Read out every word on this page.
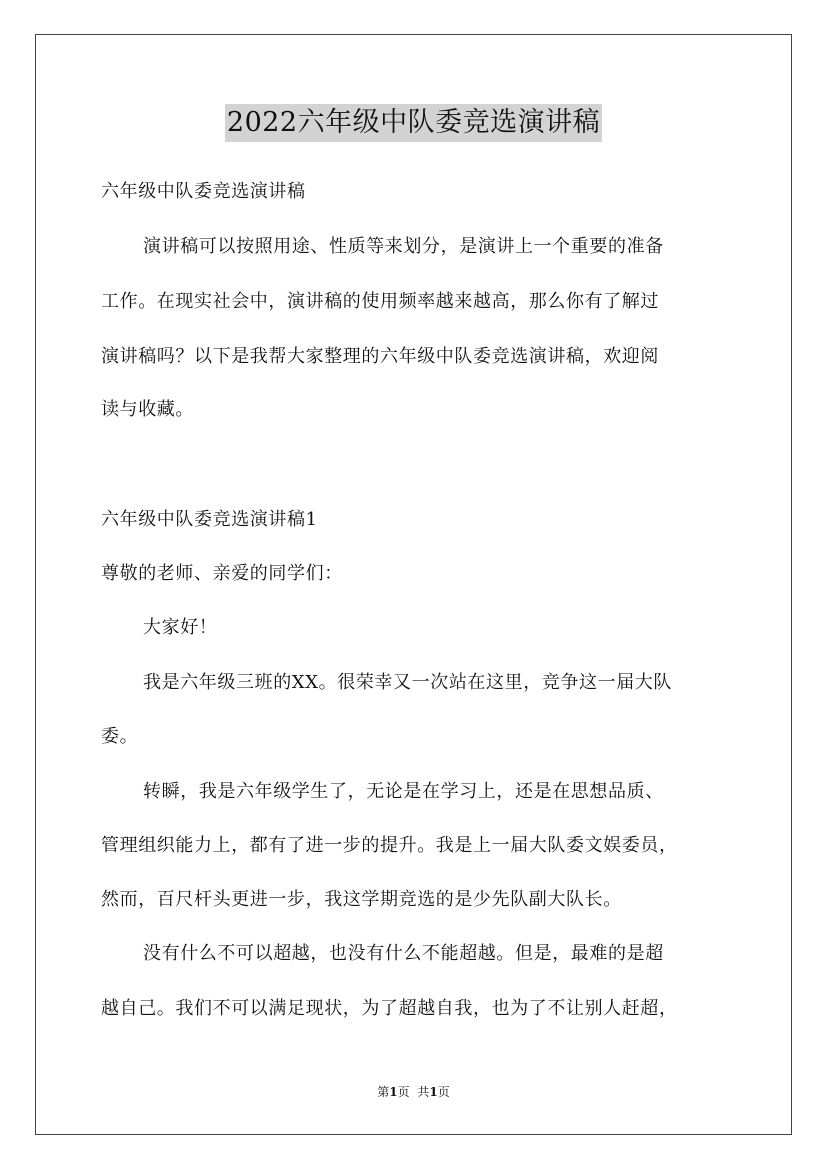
2022六年级中队委竞选演讲稿
六年级中队委竞选演讲稿
演讲稿可以按照用途、性质等来划分，是演讲上一个重要的准备
工作。在现实社会中，演讲稿的使用频率越来越高，那么你有了解过
演讲稿吗？以下是我帮大家整理的六年级中队委竞选演讲稿，欢迎阅
读与收藏。
六年级中队委竞选演讲稿1
尊敬的老师、亲爱的同学们：
大家好！
我是六年级三班的XX。很荣幸又一次站在这里，竞争这一届大队
委。
转瞬，我是六年级学生了，无论是在学习上，还是在思想品质、
管理组织能力上，都有了进一步的提升。我是上一届大队委文娱委员，
然而，百尺杆头更进一步，我这学期竞选的是少先队副大队长。
没有什么不可以超越，也没有什么不能超越。但是，最难的是超
越自己。我们不可以满足现状，为了超越自我，也为了不让别人赶超，
第1页 共1页
